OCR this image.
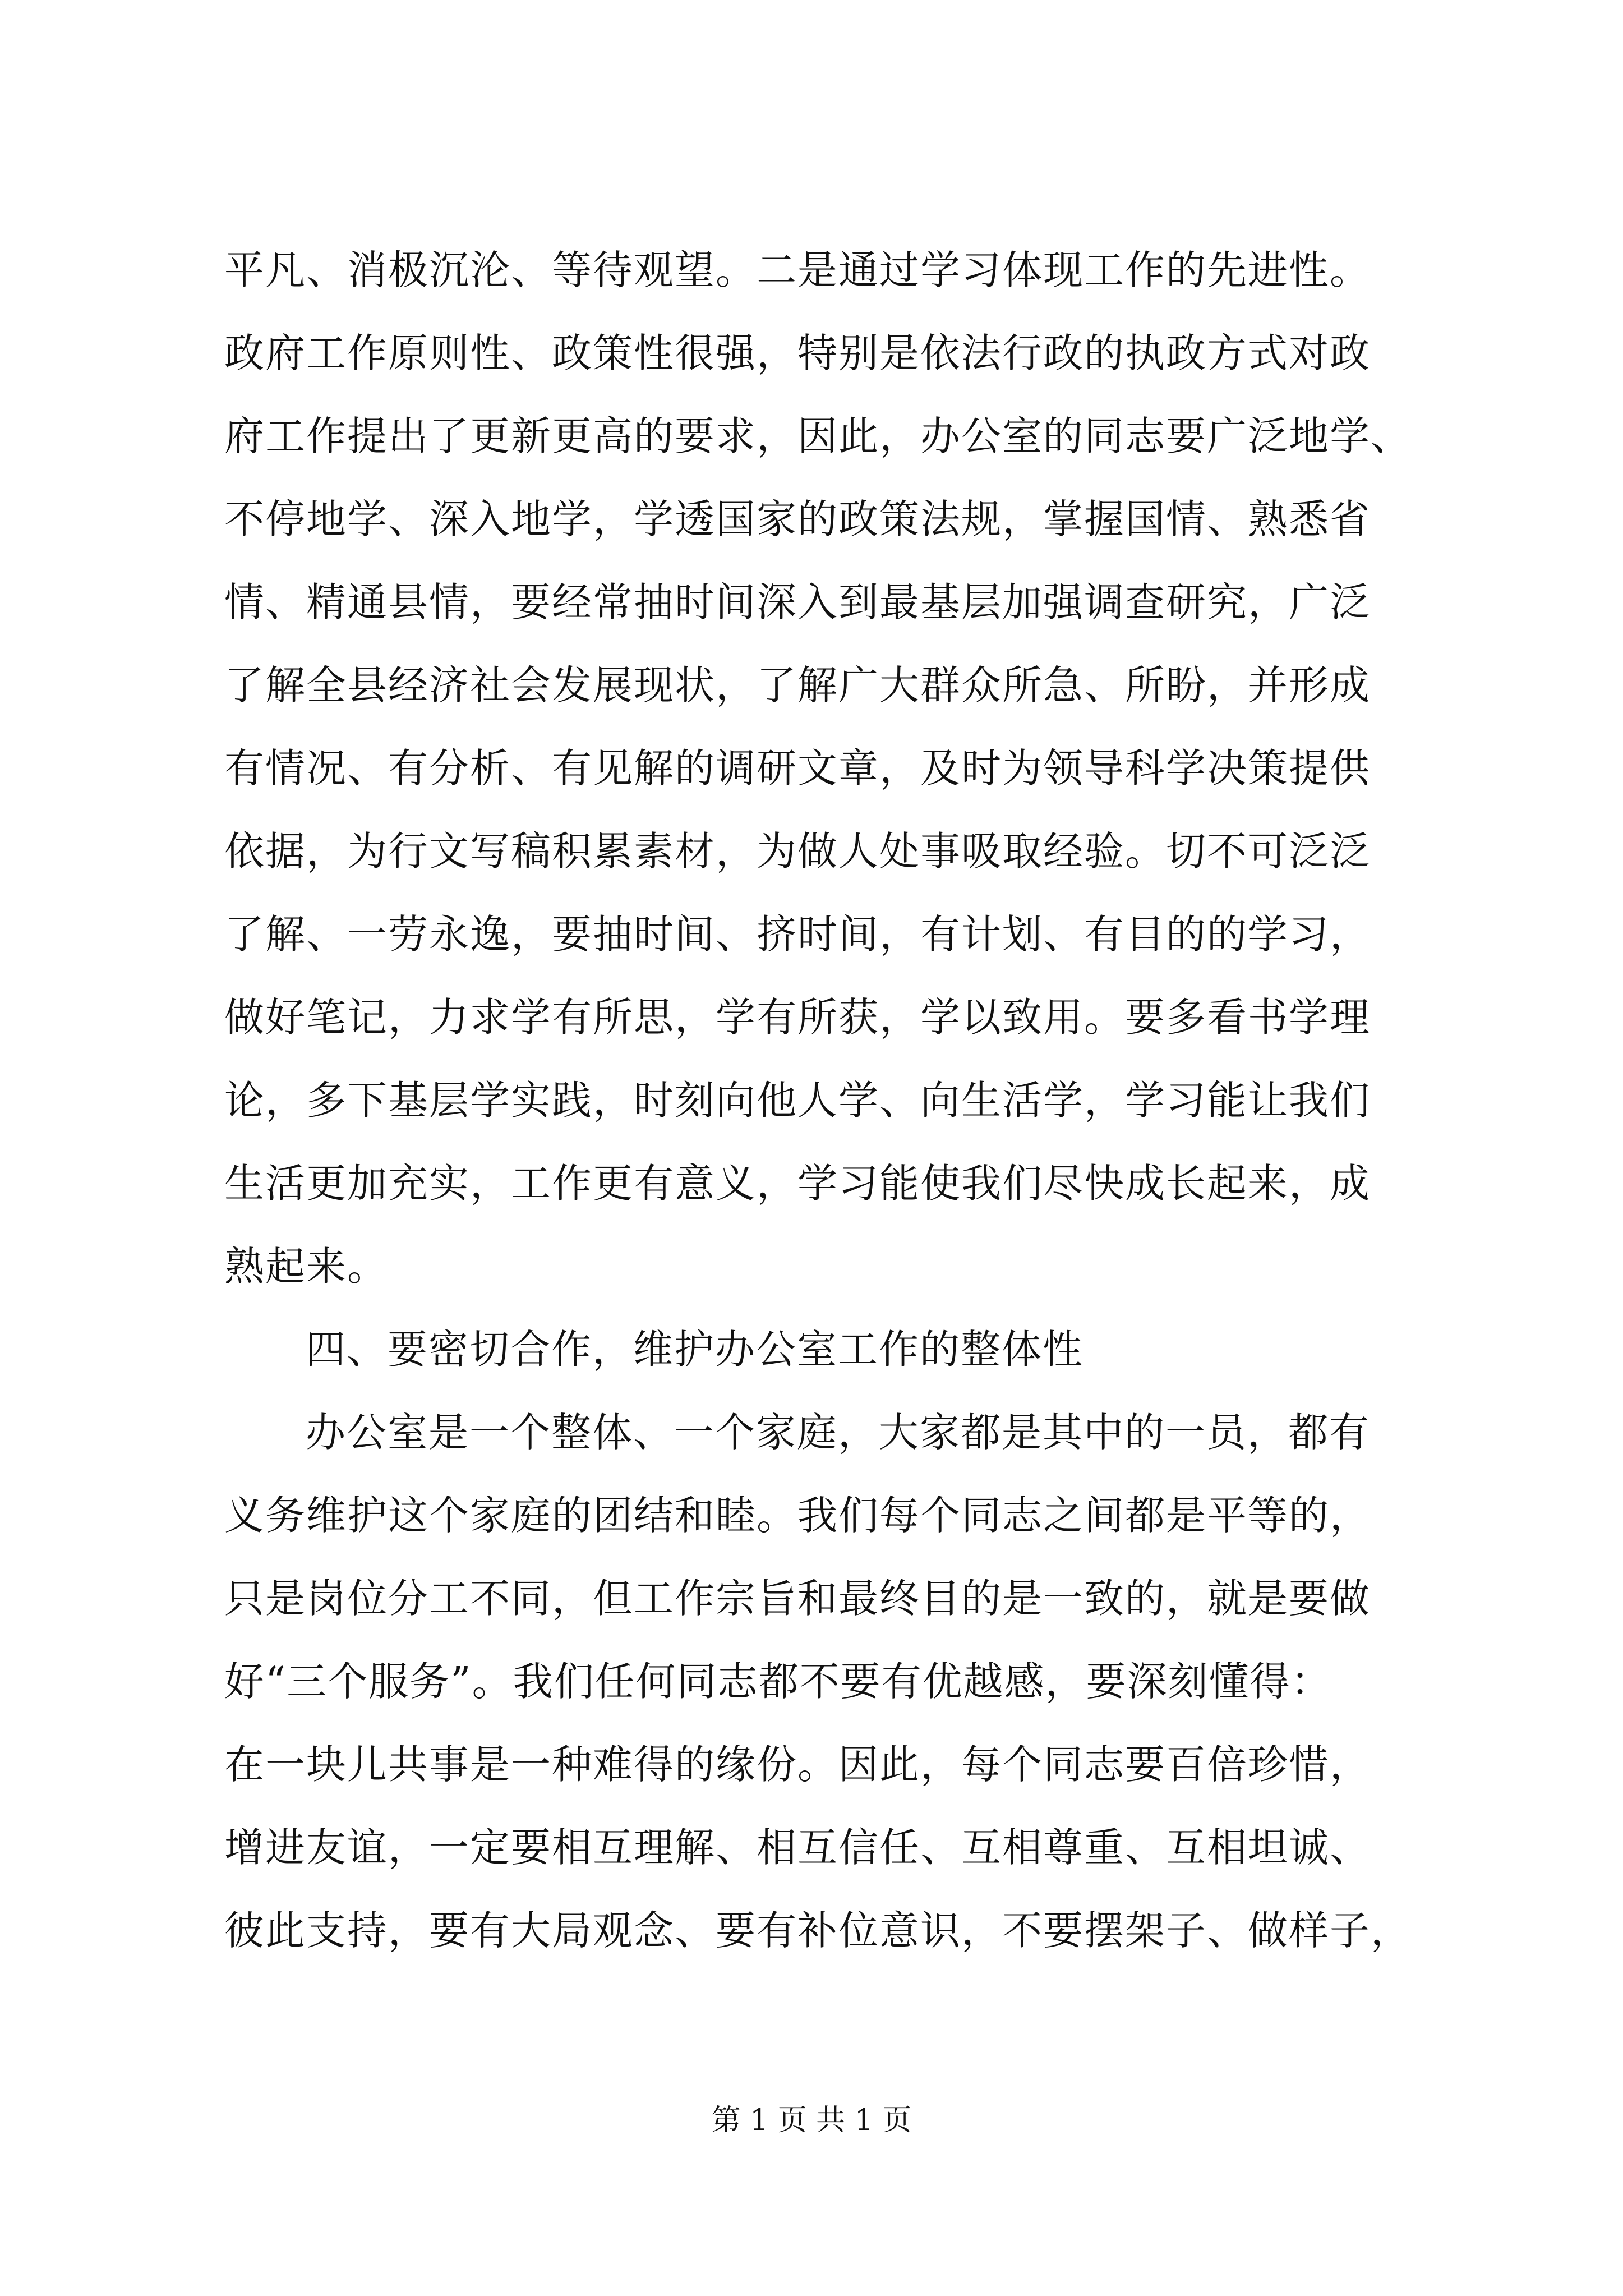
平凡、消极沉沦、等待观望。二是通过学习体现工作的先进性。
政府工作原则性、政策性很强，特别是依法行政的执政方式对政
府工作提出了更新更高的要求，因此，办公室的同志要广泛地学、
不停地学、深入地学，学透国家的政策法规，掌握国情、熟悉省
情、精通县情，要经常抽时间深入到最基层加强调查研究，广泛
了解全县经济社会发展现状，了解广大群众所急、所盼，并形成
有情况、有分析、有见解的调研文章，及时为领导科学决策提供
依据，为行文写稿积累素材，为做人处事吸取经验。切不可泛泛
了解、一劳永逸，要抽时间、挤时间，有计划、有目的的学习，
做好笔记，力求学有所思，学有所获，学以致用。要多看书学理
论，多下基层学实践，时刻向他人学、向生活学，学习能让我们
生活更加充实，工作更有意义，学习能使我们尽快成长起来，成
熟起来。
四、要密切合作，维护办公室工作的整体性
办公室是一个整体、一个家庭，大家都是其中的一员，都有
义务维护这个家庭的团结和睦。我们每个同志之间都是平等的，
只是岗位分工不同，但工作宗旨和最终目的是一致的，就是要做
好“三个服务”。我们任何同志都不要有优越感，要深刻懂得：
在一块儿共事是一种难得的缘份。因此，每个同志要百倍珍惜，
增进友谊，一定要相互理解、相互信任、互相尊重、互相坦诚、
彼此支持，要有大局观念、要有补位意识，不要摆架子、做样子，
第 1 页 共 1 页
